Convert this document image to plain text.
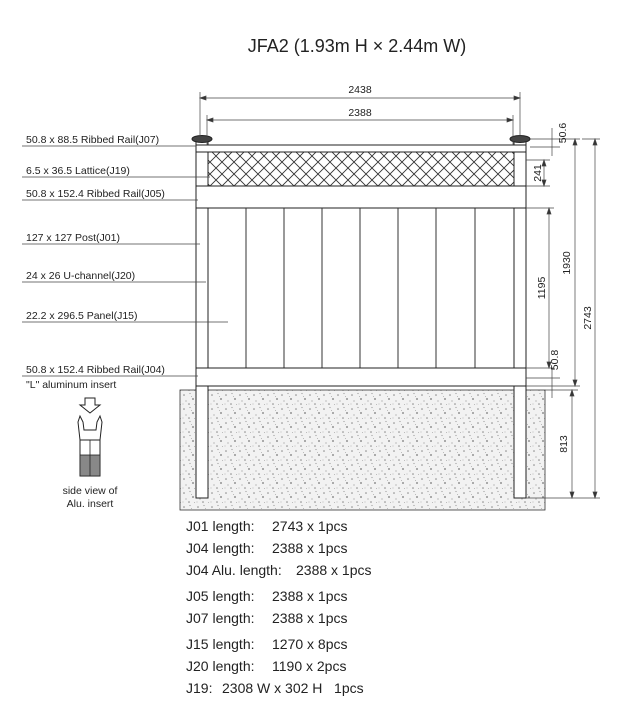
JFA2 (1.93m H × 2.44m W)
50.8 x 88.5 Ribbed Rail(J07)
6.5 x 36.5 Lattice(J19)
50.8 x 152.4 Ribbed Rail(J05)
127 x 127 Post(J01)
24 x 26 U-channel(J20)
22.2 x 296.5 Panel(J15)
50.8 x 152.4 Ribbed Rail(J04)
"L" aluminum insert
side view of
Alu. insert
2438
2388
50.6
241
1195
50.8
1930
2743
813
J01 length: 2743 x 1pcs
J04 length: 2388 x 1pcs
J04 Alu. length: 2388 x 1pcs
J05 length: 2388 x 1pcs
J07 length: 2388 x 1pcs
J15 length: 1270 x 8pcs
J20 length: 1190 x 2pcs
J19: 2308 W x 302 H   1pcs
